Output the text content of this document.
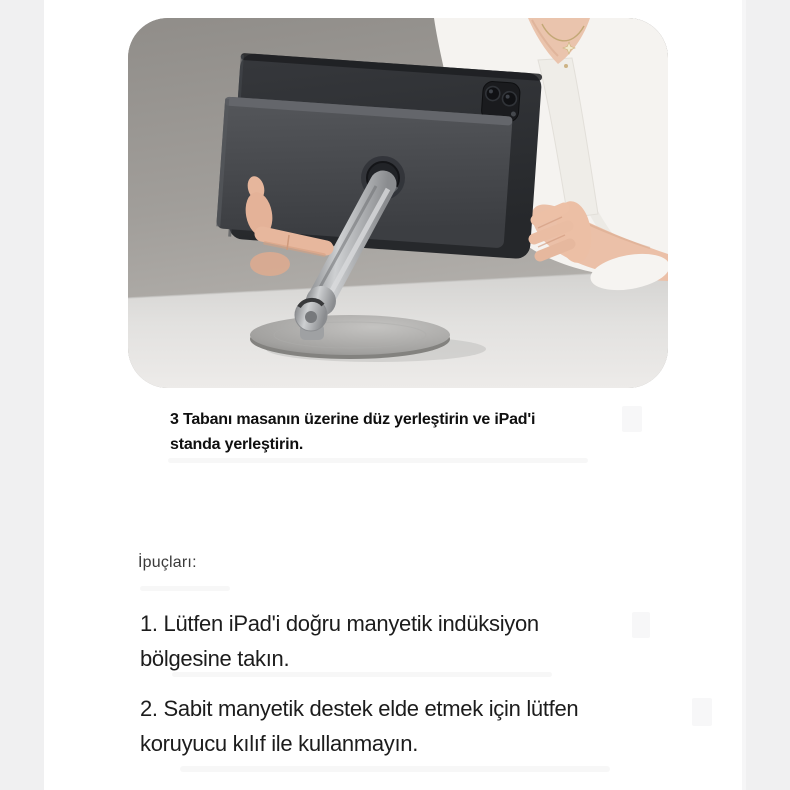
3 Tabanı masanın üzerine düz yerleştirin ve iPad'i
standa yerleştirin.
İpuçları:
1. Lütfen iPad'i doğru manyetik indüksiyon
bölgesine takın.
2. Sabit manyetik destek elde etmek için lütfen
koruyucu kılıf ile kullanmayın.
